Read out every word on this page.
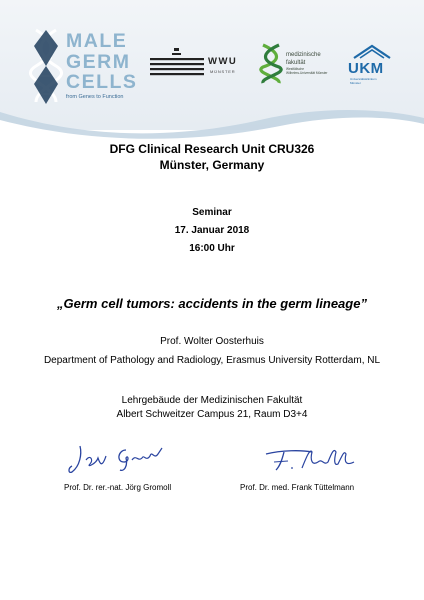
MALE
GERM
CELLS
from Genes to Function
WWU
MÜNSTER
medizinische
fakultät
Westfälische
Wilhelms-Universität Münster UKM
Universitätsklinikum
Münster
DFG Clinical Research Unit CRU326
Münster, Germany
Seminar
17. Januar 2018
16:00 Uhr
„Germ cell tumors: accidents in the germ lineage”
Prof. Wolter Oosterhuis
Department of Pathology and Radiology, Erasmus University Rotterdam, NL
Lehrgebäude der Medizinischen Fakultät
Albert Schweitzer Campus 21, Raum D3+4
Prof. Dr. rer.-nat. Jörg Gromoll	Prof. Dr. med. Frank Tüttelmann
